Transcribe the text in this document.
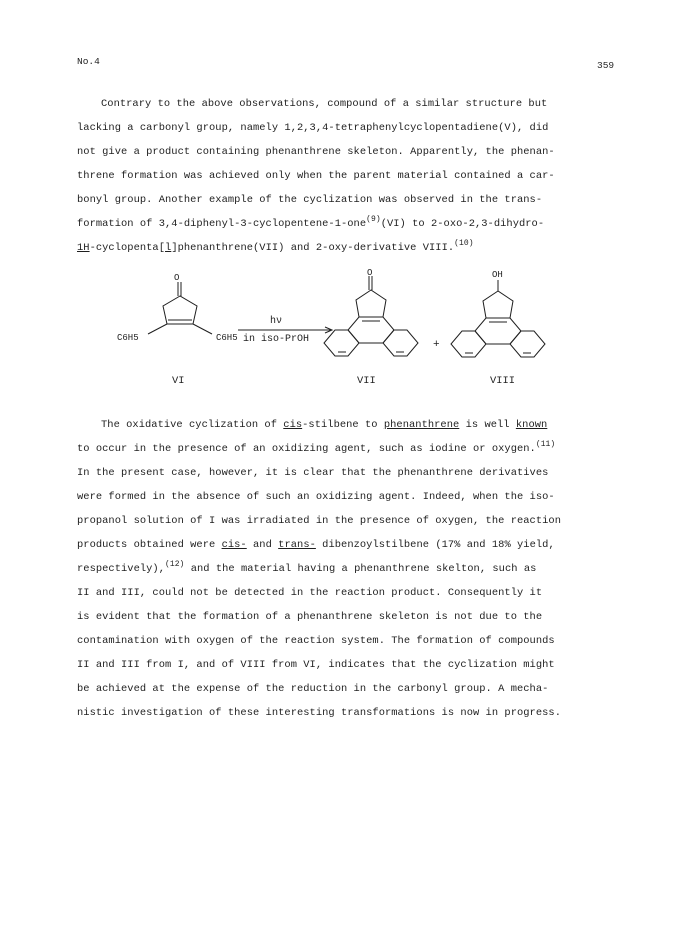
No.4	359
Contrary to the above observations, compound of a similar structure but
lacking a carbonyl group, namely 1,2,3,4-tetraphenylcyclopentadiene(V), did
not give a product containing phenanthrene skeleton. Apparently, the phenan-
threne formation was achieved only when the parent material contained a car-
bonyl group. Another example of the cyclization was observed in the trans-
formation of 3,4-diphenyl-3-cyclopentene-1-one$^{(9)}$(VI) to 2-oxo-2,3-dihydro-
1H-cyclopenta[l]phenanthrene(VII) and 2-oxy-derivative VIII.$^{(10)}$
O
C6H5	C6H5
hν
in iso-PrOH
O
+
OH
VI	VII	VIII
The oxidative cyclization of cis-stilbene to phenanthrene is well known
to occur in the presence of an oxidizing agent, such as iodine or oxygen.$^{(11)}$
In the present case, however, it is clear that the phenanthrene derivatives
were formed in the absence of such an oxidizing agent. Indeed, when the iso-
propanol solution of I was irradiated in the presence of oxygen, the reaction
products obtained were cis- and trans- dibenzoylstilbene (17% and 18% yield,
respectively),$^{(12)}$ and the material having a phenanthrene skelton, such as
II and III, could not be detected in the reaction product. Consequently it
is evident that the formation of a phenanthrene skeleton is not due to the
contamination with oxygen of the reaction system. The formation of compounds
II and III from I, and of VIII from VI, indicates that the cyclization might
be achieved at the expense of the reduction in the carbonyl group. A mecha-
nistic investigation of these interesting transformations is now in progress.
